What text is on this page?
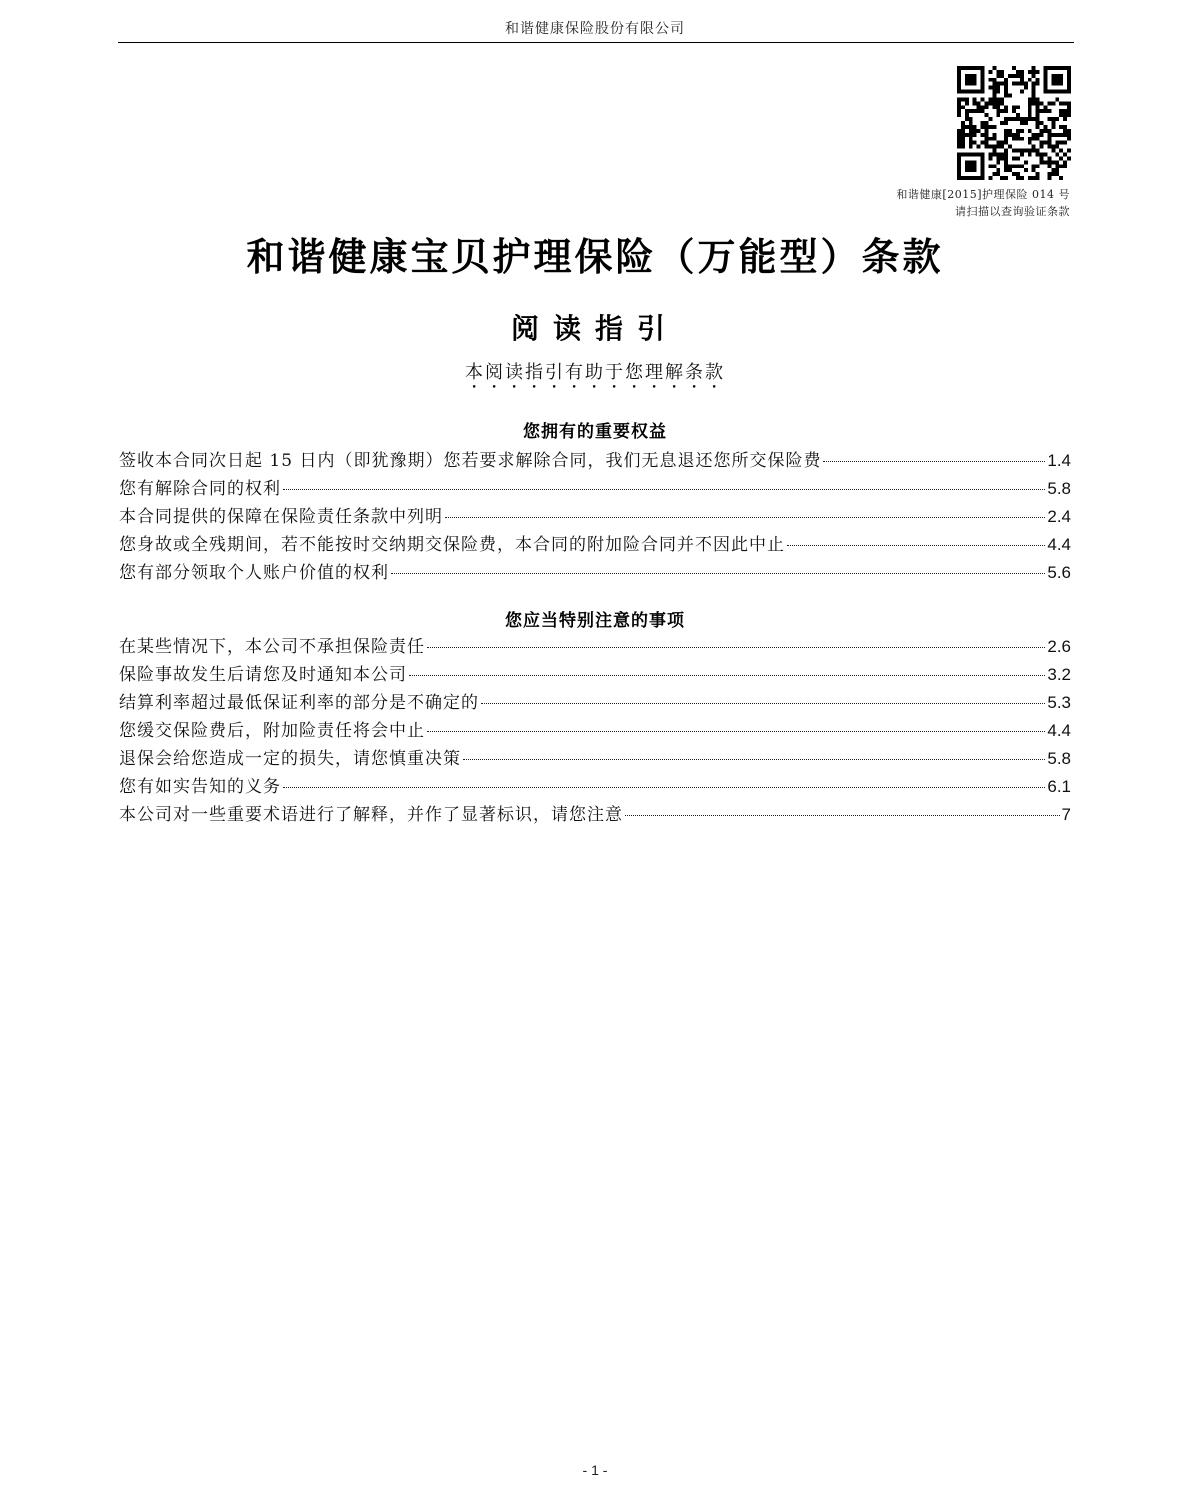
和谐健康保险股份有限公司
和谐健康[2015]护理保险 014 号
请扫描以查询验证条款
和谐健康宝贝护理保险（万能型）条款
阅读指引
本阅读指引有助于您理解条款
您拥有的重要权益
签收本合同次日起 15 日内（即犹豫期）您若要求解除合同，我们无息退还您所交保险费	1.4
您有解除合同的权利	5.8
本合同提供的保障在保险责任条款中列明	2.4
您身故或全残期间，若不能按时交纳期交保险费，本合同的附加险合同并不因此中止	4.4
您有部分领取个人账户价值的权利	5.6
您应当特别注意的事项
在某些情况下，本公司不承担保险责任	2.6
保险事故发生后请您及时通知本公司	3.2
结算利率超过最低保证利率的部分是不确定的	5.3
您缓交保险费后，附加险责任将会中止	4.4
退保会给您造成一定的损失，请您慎重决策	5.8
您有如实告知的义务	6.1
本公司对一些重要术语进行了解释，并作了显著标识，请您注意	7
- 1 -
